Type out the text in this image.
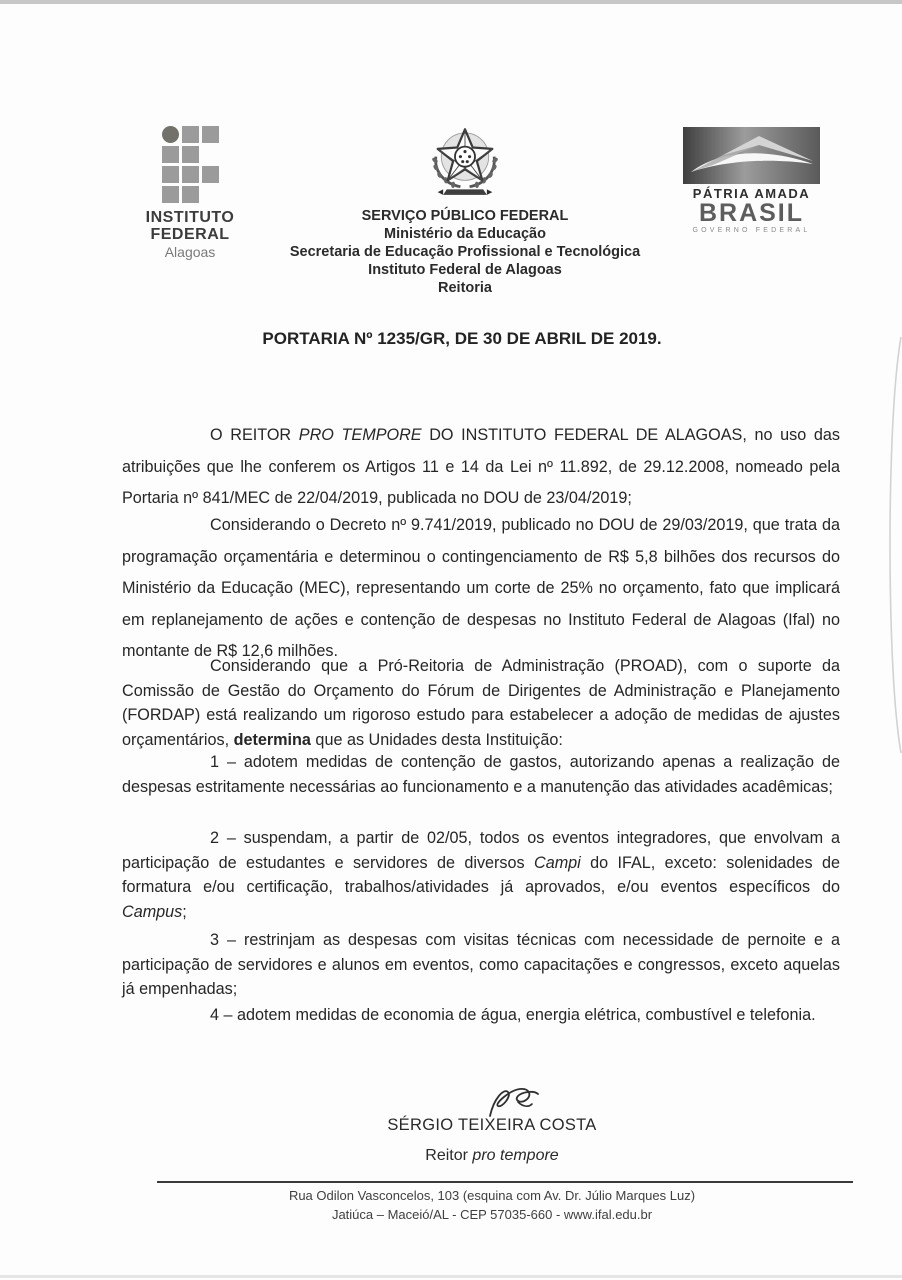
INSTITUTO
FEDERAL
Alagoas
SERVIÇO PÚBLICO FEDERAL
Ministério da Educação
Secretaria de Educação Profissional e Tecnológica
Instituto Federal de Alagoas
Reitoria
PÁTRIA AMADA
BRASIL
GOVERNO FEDERAL
PORTARIA Nº 1235/GR, DE 30 DE ABRIL DE 2019.

O REITOR PRO TEMPORE DO INSTITUTO FEDERAL DE ALAGOAS, no uso das atribuições que lhe conferem os Artigos 11 e 14 da Lei nº 11.892, de 29.12.2008, nomeado pela Portaria nº 841/MEC de 22/04/2019, publicada no DOU de 23/04/2019;

Considerando o Decreto nº 9.741/2019, publicado no DOU de 29/03/2019, que trata da programação orçamentária e determinou o contingenciamento de R$ 5,8 bilhões dos recursos do Ministério da Educação (MEC), representando um corte de 25% no orçamento, fato que implicará em replanejamento de ações e contenção de despesas no Instituto Federal de Alagoas (Ifal) no montante de R$ 12,6 milhões.

Considerando que a Pró-Reitoria de Administração (PROAD), com o suporte da Comissão de Gestão do Orçamento do Fórum de Dirigentes de Administração e Planejamento (FORDAP) está realizando um rigoroso estudo para estabelecer a adoção de medidas de ajustes orçamentários, determina que as Unidades desta Instituição:

1 – adotem medidas de contenção de gastos, autorizando apenas a realização de despesas estritamente necessárias ao funcionamento e a manutenção das atividades acadêmicas;

2 – suspendam, a partir de 02/05, todos os eventos integradores, que envolvam a participação de estudantes e servidores de diversos Campi do IFAL, exceto: solenidades de formatura e/ou certificação, trabalhos/atividades já aprovados, e/ou eventos específicos do Campus;

3 – restrinjam as despesas com visitas técnicas com necessidade de pernoite e a participação de servidores e alunos em eventos, como capacitações e congressos, exceto aquelas já empenhadas;

4 – adotem medidas de economia de água, energia elétrica, combustível e telefonia.

SÉRGIO TEIXEIRA COSTA
Reitor pro tempore
Rua Odilon Vasconcelos, 103 (esquina com Av. Dr. Júlio Marques Luz)
Jatiúca – Maceió/AL - CEP 57035-660 - www.ifal.edu.br
